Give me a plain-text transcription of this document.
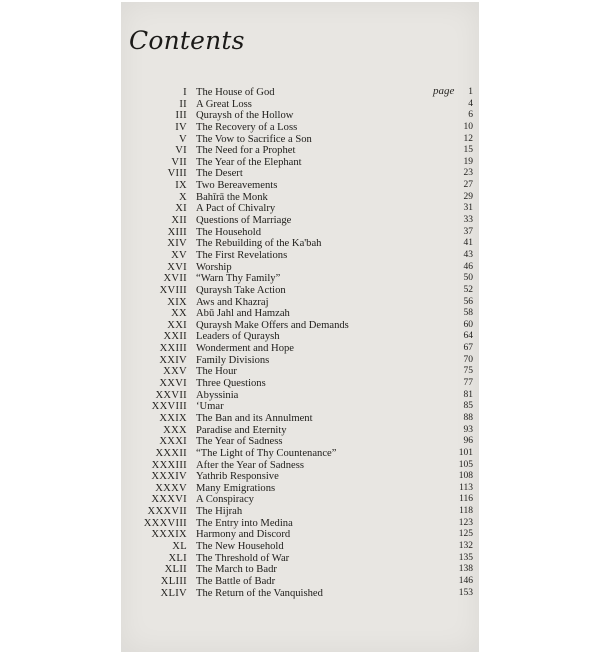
Contents
page
I The House of God	1
II A Great Loss	4
III Quraysh of the Hollow	6
IV The Recovery of a Loss	10
V The Vow to Sacrifice a Son	12
VI The Need for a Prophet	15
VII The Year of the Elephant	19
VIII The Desert	23
IX Two Bereavements	27
X Bahīrā the Monk	29
XI A Pact of Chivalry	31
XII Questions of Marriage	33
XIII The Household	37
XIV The Rebuilding of the Ka'bah	41
XV The First Revelations	43
XVI Worship	46
XVII “Warn Thy Family”	50
XVIII Quraysh Take Action	52
XIX Aws and Khazraj	56
XX Abū Jahl and Hamzah	58
XXI Quraysh Make Offers and Demands	60
XXII Leaders of Quraysh	64
XXIII Wonderment and Hope	67
XXIV Family Divisions	70
XXV The Hour	75
XXVI Three Questions	77
XXVII Abyssinia	81
XXVIII ‘Umar	85
XXIX The Ban and its Annulment	88
XXX Paradise and Eternity	93
XXXI The Year of Sadness	96
XXXII “The Light of Thy Countenance”	101
XXXIII After the Year of Sadness	105
XXXIV Yathrib Responsive	108
XXXV Many Emigrations	113
XXXVI A Conspiracy	116
XXXVII The Hijrah	118
XXXVIII The Entry into Medina	123
XXXIX Harmony and Discord	125
XL The New Household	132
XLI The Threshold of War	135
XLII The March to Badr	138
XLIII The Battle of Badr	146
XLIV The Return of the Vanquished	153
